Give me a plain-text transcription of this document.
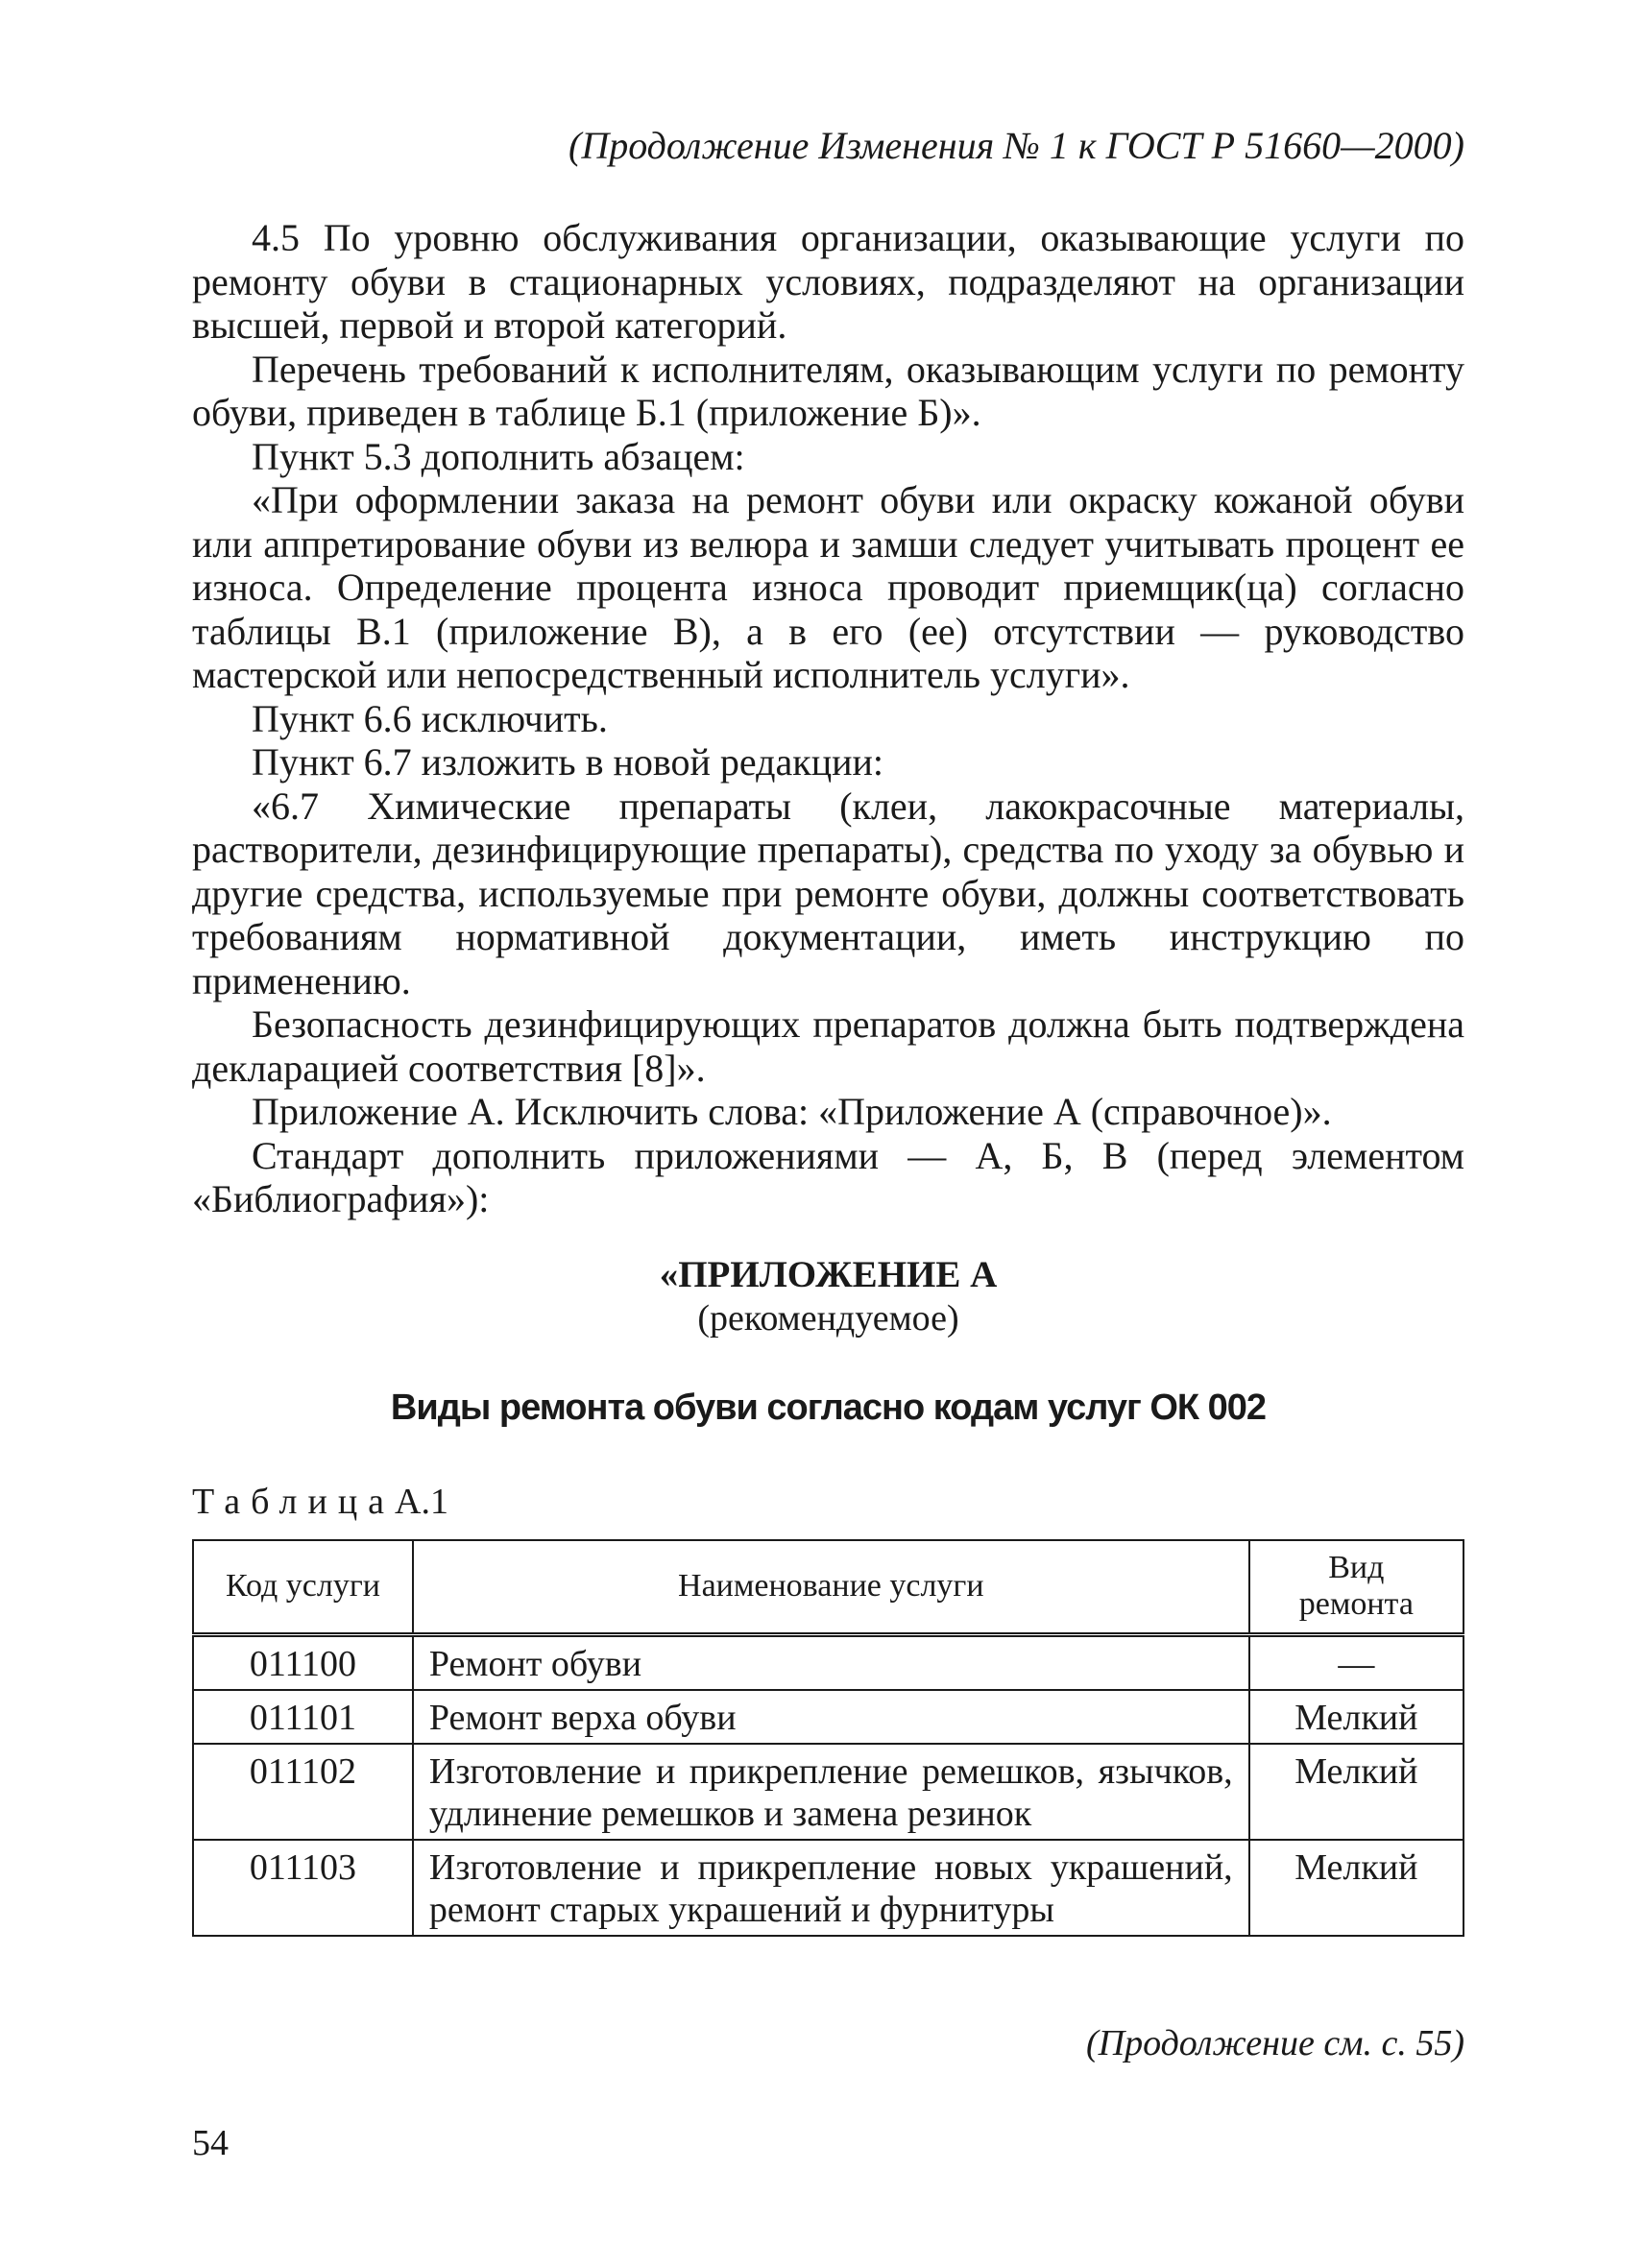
(Продолжение Изменения № 1 к ГОСТ Р 51660—2000)

4.5 По уровню обслуживания организации, оказывающие услуги по ремонту обуви в стационарных условиях, подразделяют на организации высшей, первой и второй категорий.

Перечень требований к исполнителям, оказывающим услуги по ремонту обуви, приведен в таблице Б.1 (приложение Б)».

Пункт 5.3 дополнить абзацем:

«При оформлении заказа на ремонт обуви или окраску кожаной обуви или аппретирование обуви из велюра и замши следует учитывать процент ее износа. Определение процента износа проводит приемщик(ца) согласно таблицы В.1 (приложение В), а в его (ее) отсутствии — руководство мастерской или непосредственный исполнитель услуги».

Пункт 6.6 исключить.

Пункт 6.7 изложить в новой редакции:

«6.7 Химические препараты (клеи, лакокрасочные материалы, растворители, дезинфицирующие препараты), средства по уходу за обувью и другие средства, используемые при ремонте обуви, должны соответствовать требованиям нормативной документации, иметь инструкцию по применению.

Безопасность дезинфицирующих препаратов должна быть подтверждена декларацией соответствия [8]».

Приложение А. Исключить слова: «Приложение А (справочное)».

Стандарт дополнить приложениями — А, Б, В (перед элементом «Библиография»):

«ПРИЛОЖЕНИЕ А
(рекомендуемое)
Виды ремонта обуви согласно кодам услуг ОК 002
ТаблицаА.1
Код услуги	Наименование услуги	Вид ремонта
011100	Ремонт обуви	—
011101	Ремонт верха обуви	Мелкий
011102	Изготовление и прикрепление ремешков, язычков, удлинение ремешков и замена резинок	Мелкий
011103	Изготовление и прикрепление новых украшений, ремонт старых украшений и фурнитуры	Мелкий
(Продолжение см. с. 55)
54
